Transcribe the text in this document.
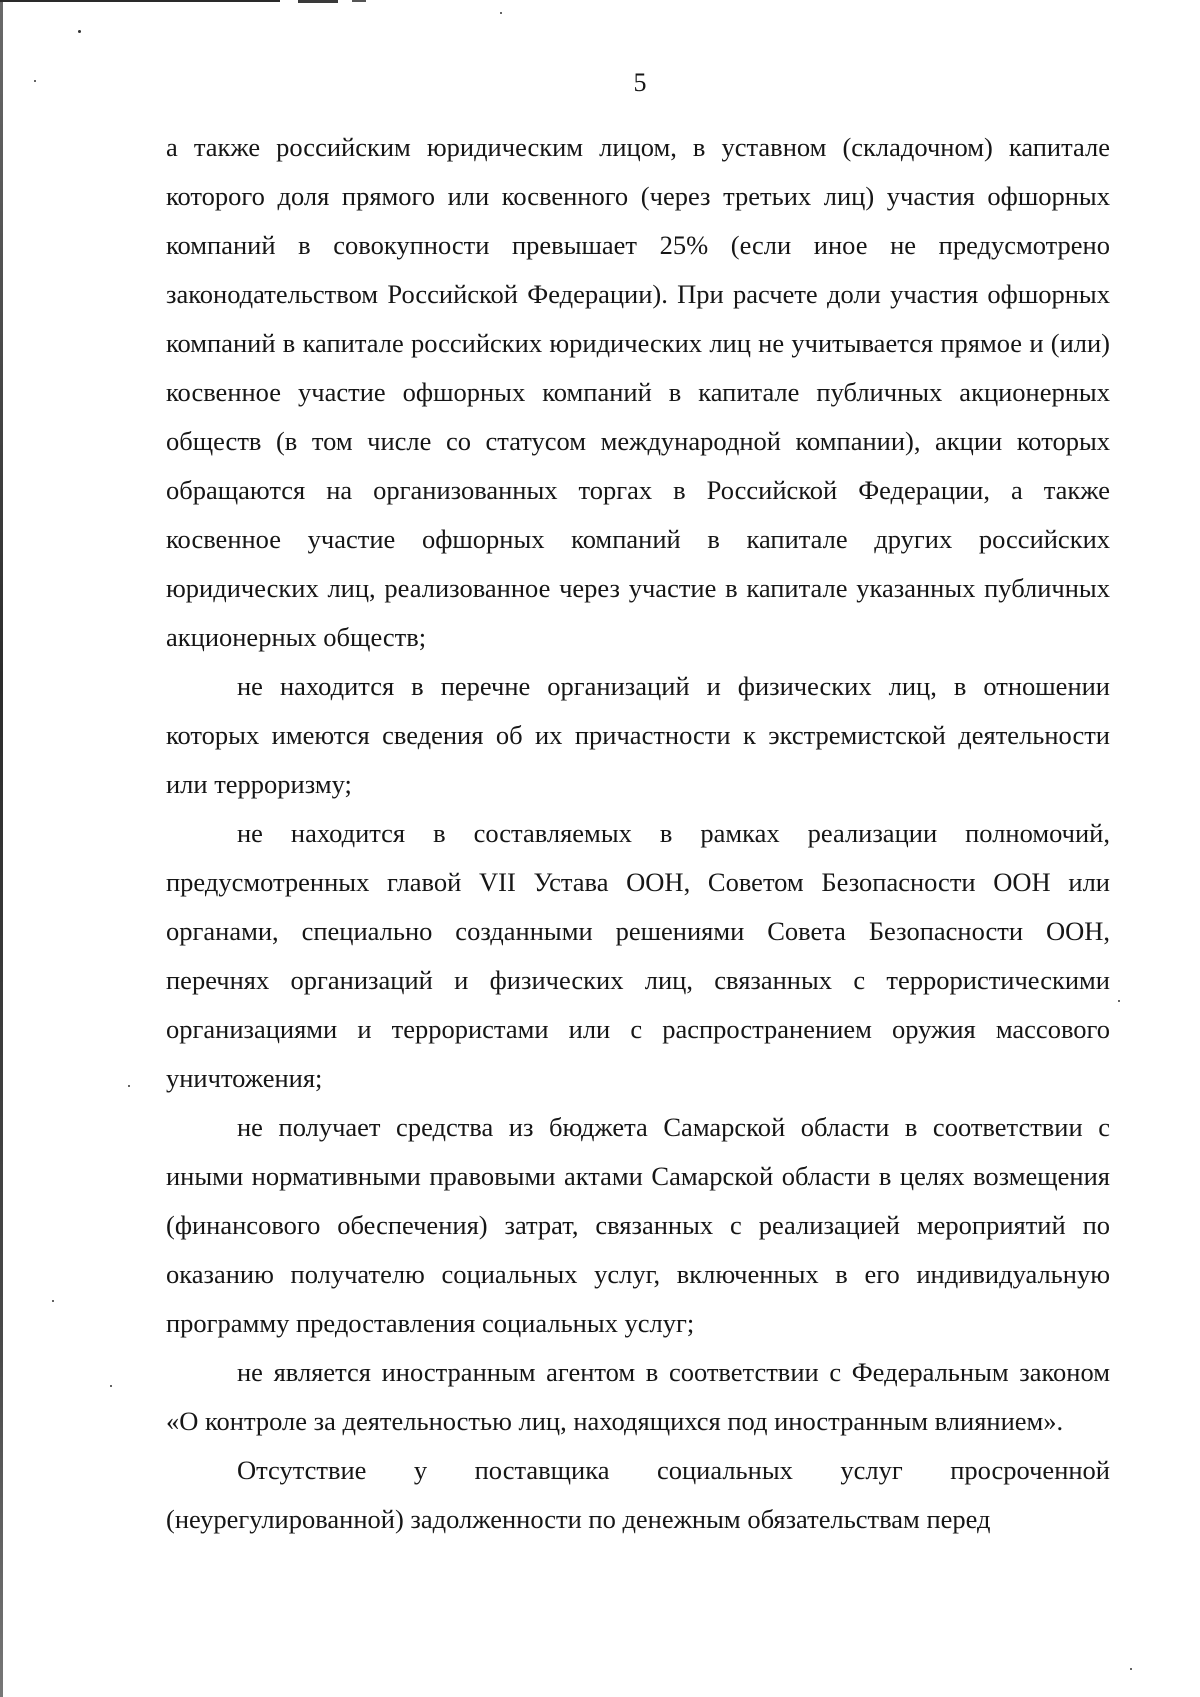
5

а также российским юридическим лицом, в уставном (складочном) капитале которого доля прямого или косвенного (через третьих лиц) участия офшорных компаний в совокупности превышает 25% (если иное не предусмотрено законодательством Российской Федерации). При расчете доли участия офшорных компаний в капитале российских юридических лиц не учитывается прямое и (или) косвенное участие офшорных компаний в капитале публичных акционерных обществ (в том числе со статусом международной компании), акции которых обращаются на организованных торгах в Российской Федерации, а также косвенное участие офшорных компаний в капитале других российских юридических лиц, реализованное через участие в капитале указанных публичных акционерных обществ;

не находится в перечне организаций и физических лиц, в отношении которых имеются сведения об их причастности к экстремистской деятельности или терроризму;

не находится в составляемых в рамках реализации полномочий, предусмотренных главой VII Устава ООН, Советом Безопасности ООН или органами, специально созданными решениями Совета Безопасности ООН, перечнях организаций и физических лиц, связанных с террористическими организациями и террористами или с распространением оружия массового уничтожения;

не получает средства из бюджета Самарской области в соответствии с иными нормативными правовыми актами Самарской области в целях возмещения (финансового обеспечения) затрат, связанных с реализацией мероприятий по оказанию получателю социальных услуг, включенных в его индивидуальную программу предоставления социальных услуг;

не является иностранным агентом в соответствии с Федеральным законом «О контроле за деятельностью лиц, находящихся под иностранным влиянием».

Отсутствие у поставщика социальных услуг просроченной (неурегулированной) задолженности по денежным обязательствам перед
